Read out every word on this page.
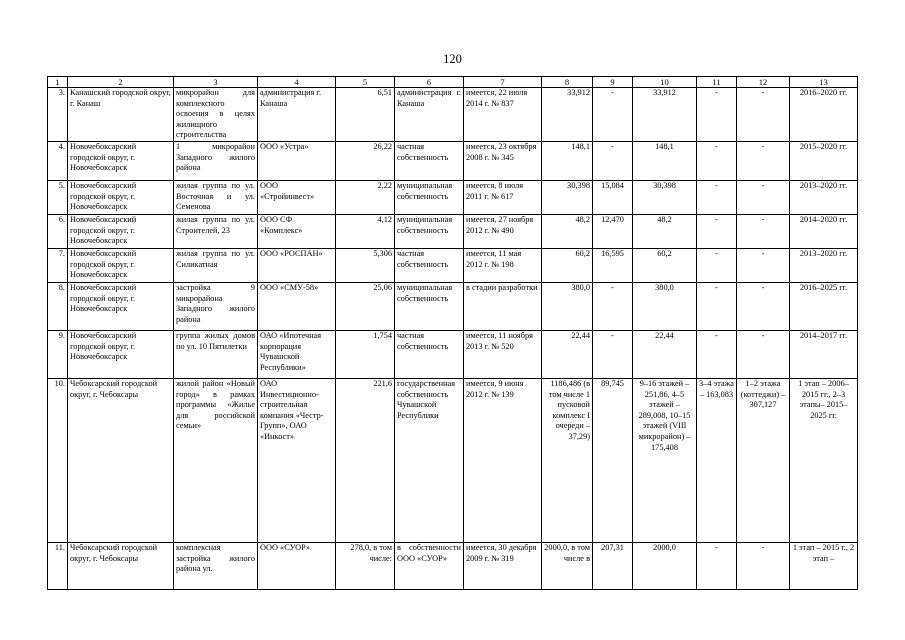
120
1	2	3	4	5	6	7	8	9	10	11	12	13
3.	Канашский городской округ, г. Канаш	микрорайон для комплексного освоения в целях жилищного строительства	администрация г. Канаша	6,51	администрация г. Канаша	имеется, 22 июля 2014 г. № 837	33,912	-	33,912	-	-	2016–2020 гг.
4.	Новочебоксарский городской округ, г. Новочебоксарск	1 микрорайон Западного жилого района	ООО «Устра»	26,22	частная собственность	имеется, 23 октября 2008 г. № 345	148,1	-	148,1	-	-	2015–2020 гг.
5.	Новочебоксарский городской округ, г. Новочебоксарск	жилая группа по ул. Восточная и ул. Семенова	ООО «Стройинвест»	2,22	муниципальная собственность	имеется, 8 июля 2011 г. № 617	30,398	15,084	30,398	-	-	2013–2020 гг.
6.	Новочебоксарский городской округ, г. Новочебоксарск	жилая группа по ул. Строителей, 23	ООО СФ «Комплекс»	4,12	муниципальная собственность	имеется, 27 ноября 2012 г. № 490	48,2	12,470	48,2	-	-	2014–2020 гг.
7.	Новочебоксарский городской округ, г. Новочебоксарск	жилая группа по ул. Силикатная	ООО «РОСПАН»	5,306	частная собственность	имеется, 11 мая 2012 г. № 198	60,2	16,595	60,2	-	-	2013–2020 гг.
8.	Новочебоксарский городской округ, г. Новочебоксарск	застройка 9 микрорайона Западного жилого района	ООО «СМУ-58»	25,06	муниципальная собственность	в стадии разработки	380,0	-	380,0	-	-	2016–2025 гг.
9.	Новочебоксарский городской округ, г. Новочебоксарск	группа жилых домов по ул. 10 Пятилетки	ОАО «Ипотечная корпорация Чувашской Республики»	1,754	частная собственность	имеется, 11 ноября 2013 г. № 520	22,44	-	22,44	-	-	2014–2017 гг.
10.	Чебоксарский городской округ, г. Чебоксары	жилой район «Новый город» в рамках программы «Жилье для российской семьи»	ОАО Инвестиционно-строительная компания «Честр-Групп», ОАО «Инкост»	221,6	государственная собственность Чувашской Республики	имеется, 9 июня 2012 г. № 139	1186,486 (в том числе 1 пусковой комплекс I очереди – 37,29)	89,745	9–16 этажей – 251,86, 4–5 этажей – 289,008, 10–15 этажей (VIII микрорайон) – 175,408	3–4 этажа – 163,083	1–2 этажа (коттеджи) – 307,127	1 этап – 2006–2015 гг., 2–3 этапы– 2015–2025 гг.
11.	Чебоксарский городской округ, г. Чебоксары	комплексная застройка жилого района ул.	ООО «СУОР»	278,0, в том числе:	в собственности ООО «СУОР»	имеется, 30 декабря 2009 г. № 319	2000,0, в том числе в	207,31	2000,0	-	-	1 этап – 2015 г., 2 этап –
